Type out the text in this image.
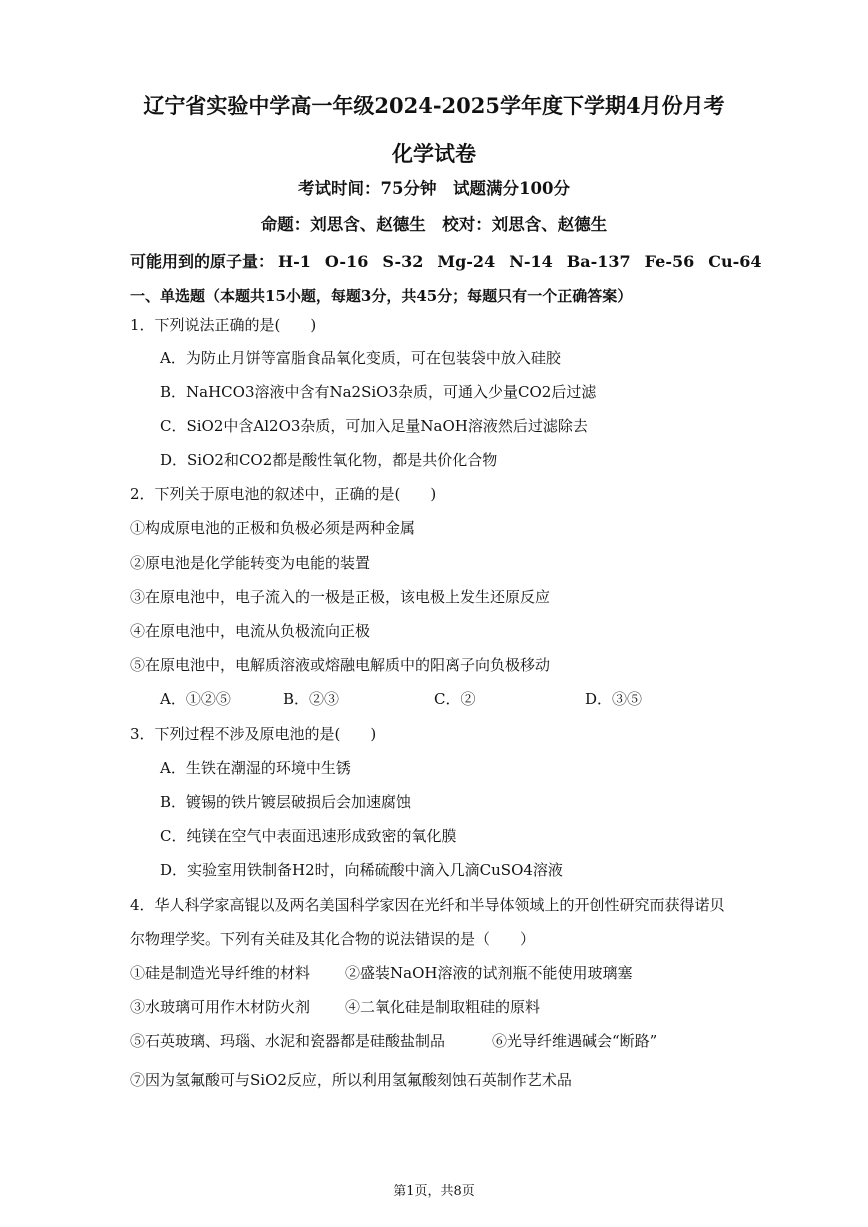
辽宁省实验中学高一年级2024-2025学年度下学期4月份月考
化学试卷
考试时间：75分钟　试题满分100分
命题：刘思含、赵德生　校对：刘思含、赵德生
可能用到的原子量： H-1 O-16 S-32 Mg-24 N-14 Ba-137 Fe-56 Cu-64
一、单选题（本题共15小题，每题3分，共45分；每题只有一个正确答案）
1．下列说法正确的是(　　)
A．为防止月饼等富脂食品氧化变质，可在包装袋中放入硅胶
B．NaHCO3溶液中含有Na2SiO3杂质，可通入少量CO2后过滤
C．SiO2中含Al2O3杂质，可加入足量NaOH溶液然后过滤除去
D．SiO2和CO2都是酸性氧化物，都是共价化合物
2．下列关于原电池的叙述中，正确的是(　　)
①构成原电池的正极和负极必须是两种金属
②原电池是化学能转变为电能的装置
③在原电池中，电子流入的一极是正极，该电极上发生还原反应
④在原电池中，电流从负极流向正极
⑤在原电池中，电解质溶液或熔融电解质中的阳离子向负极移动
A．①②⑤	B．②③	C．②	D．③⑤
3．下列过程不涉及原电池的是(　　)
A．生铁在潮湿的环境中生锈
B．镀锡的铁片镀层破损后会加速腐蚀
C．纯镁在空气中表面迅速形成致密的氧化膜
D．实验室用铁制备H2时，向稀硫酸中滴入几滴CuSO4溶液
4．华人科学家高锟以及两名美国科学家因在光纤和半导体领域上的开创性研究而获得诺贝
尔物理学奖。下列有关硅及其化合物的说法错误的是（　　）
①硅是制造光导纤维的材料 ②盛装NaOH溶液的试剂瓶不能使用玻璃塞
③水玻璃可用作木材防火剂 ④二氧化硅是制取粗硅的原料
⑤石英玻璃、玛瑙、水泥和瓷器都是硅酸盐制品	⑥光导纤维遇碱会“断路”
⑦因为氢氟酸可与SiO2反应，所以利用氢氟酸刻蚀石英制作艺术品
第1页，共8页
